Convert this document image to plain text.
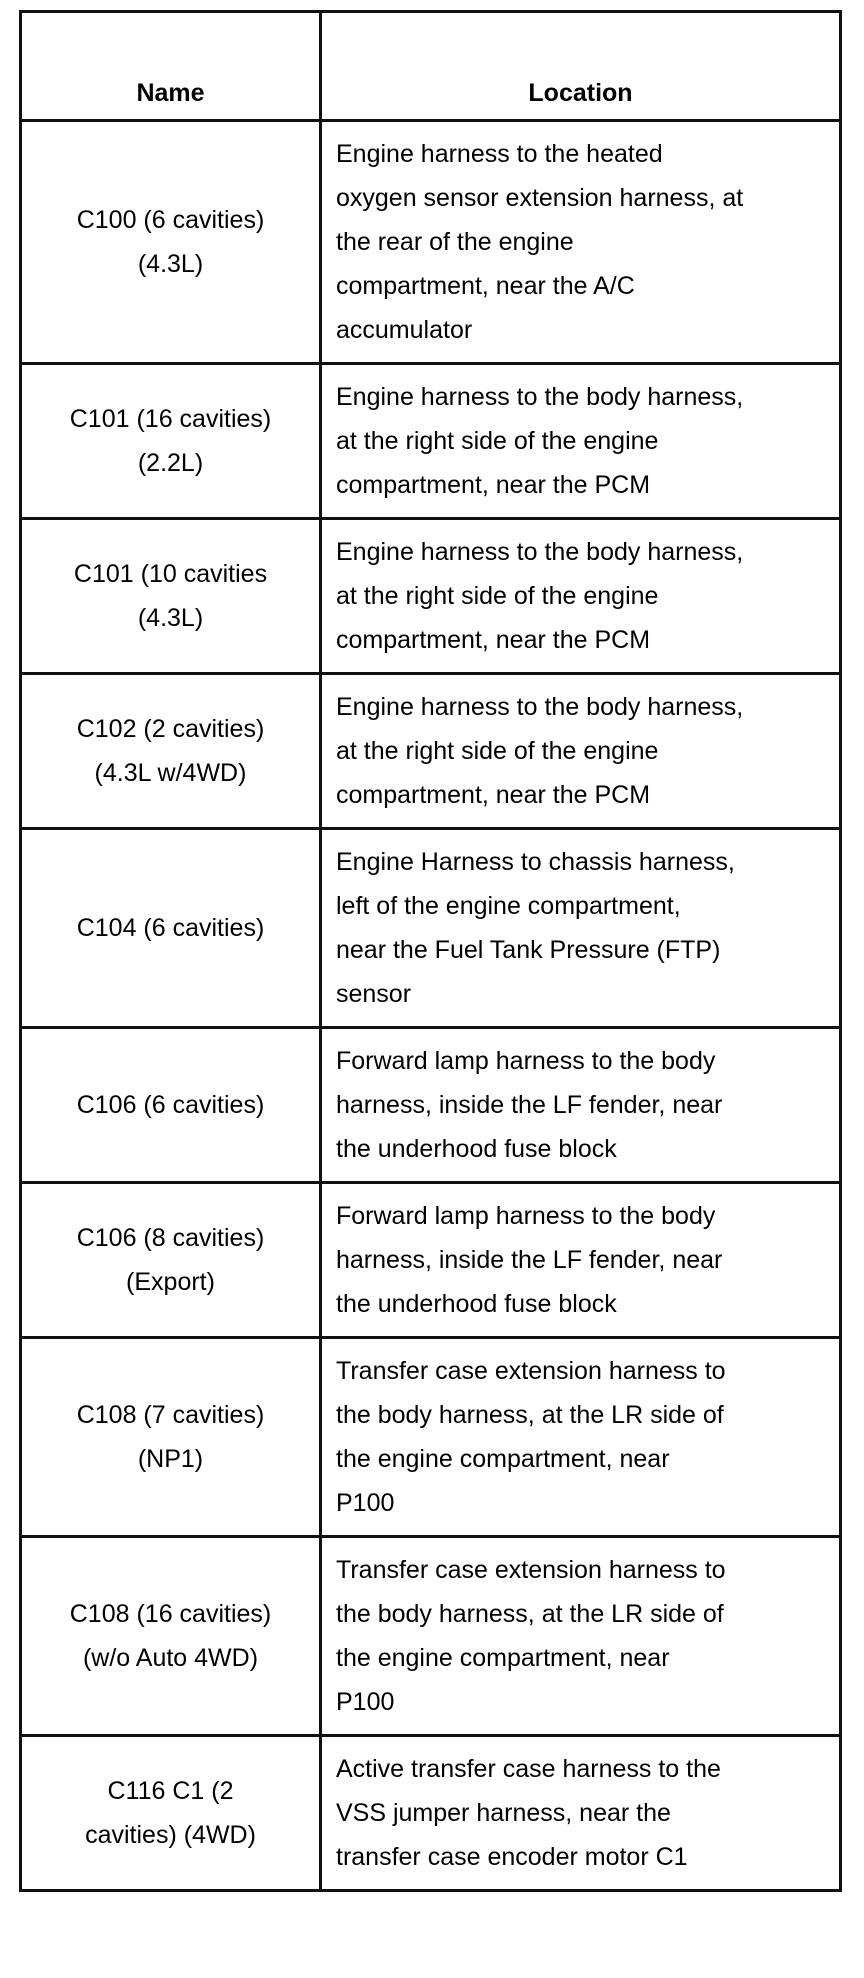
Name	Location

C100 (6 cavities)
(4.3L)	Engine harness to the heated
oxygen sensor extension harness, at
the rear of the engine
compartment, near the A/C
accumulator

C101 (16 cavities)
(2.2L)	Engine harness to the body harness,
at the right side of the engine
compartment, near the PCM

C101 (10 cavities
(4.3L)	Engine harness to the body harness,
at the right side of the engine
compartment, near the PCM

C102 (2 cavities)
(4.3L w/4WD)	Engine harness to the body harness,
at the right side of the engine
compartment, near the PCM

C104 (6 cavities)	Engine Harness to chassis harness,
left of the engine compartment,
near the Fuel Tank Pressure (FTP)
sensor

C106 (6 cavities)	Forward lamp harness to the body
harness, inside the LF fender, near
the underhood fuse block

C106 (8 cavities)
(Export)	Forward lamp harness to the body
harness, inside the LF fender, near
the underhood fuse block

C108 (7 cavities)
(NP1)	Transfer case extension harness to
the body harness, at the LR side of
the engine compartment, near
P100

C108 (16 cavities)
(w/o Auto 4WD)	Transfer case extension harness to
the body harness, at the LR side of
the engine compartment, near
P100

C116 C1 (2
cavities) (4WD)	Active transfer case harness to the
VSS jumper harness, near the
transfer case encoder motor C1
